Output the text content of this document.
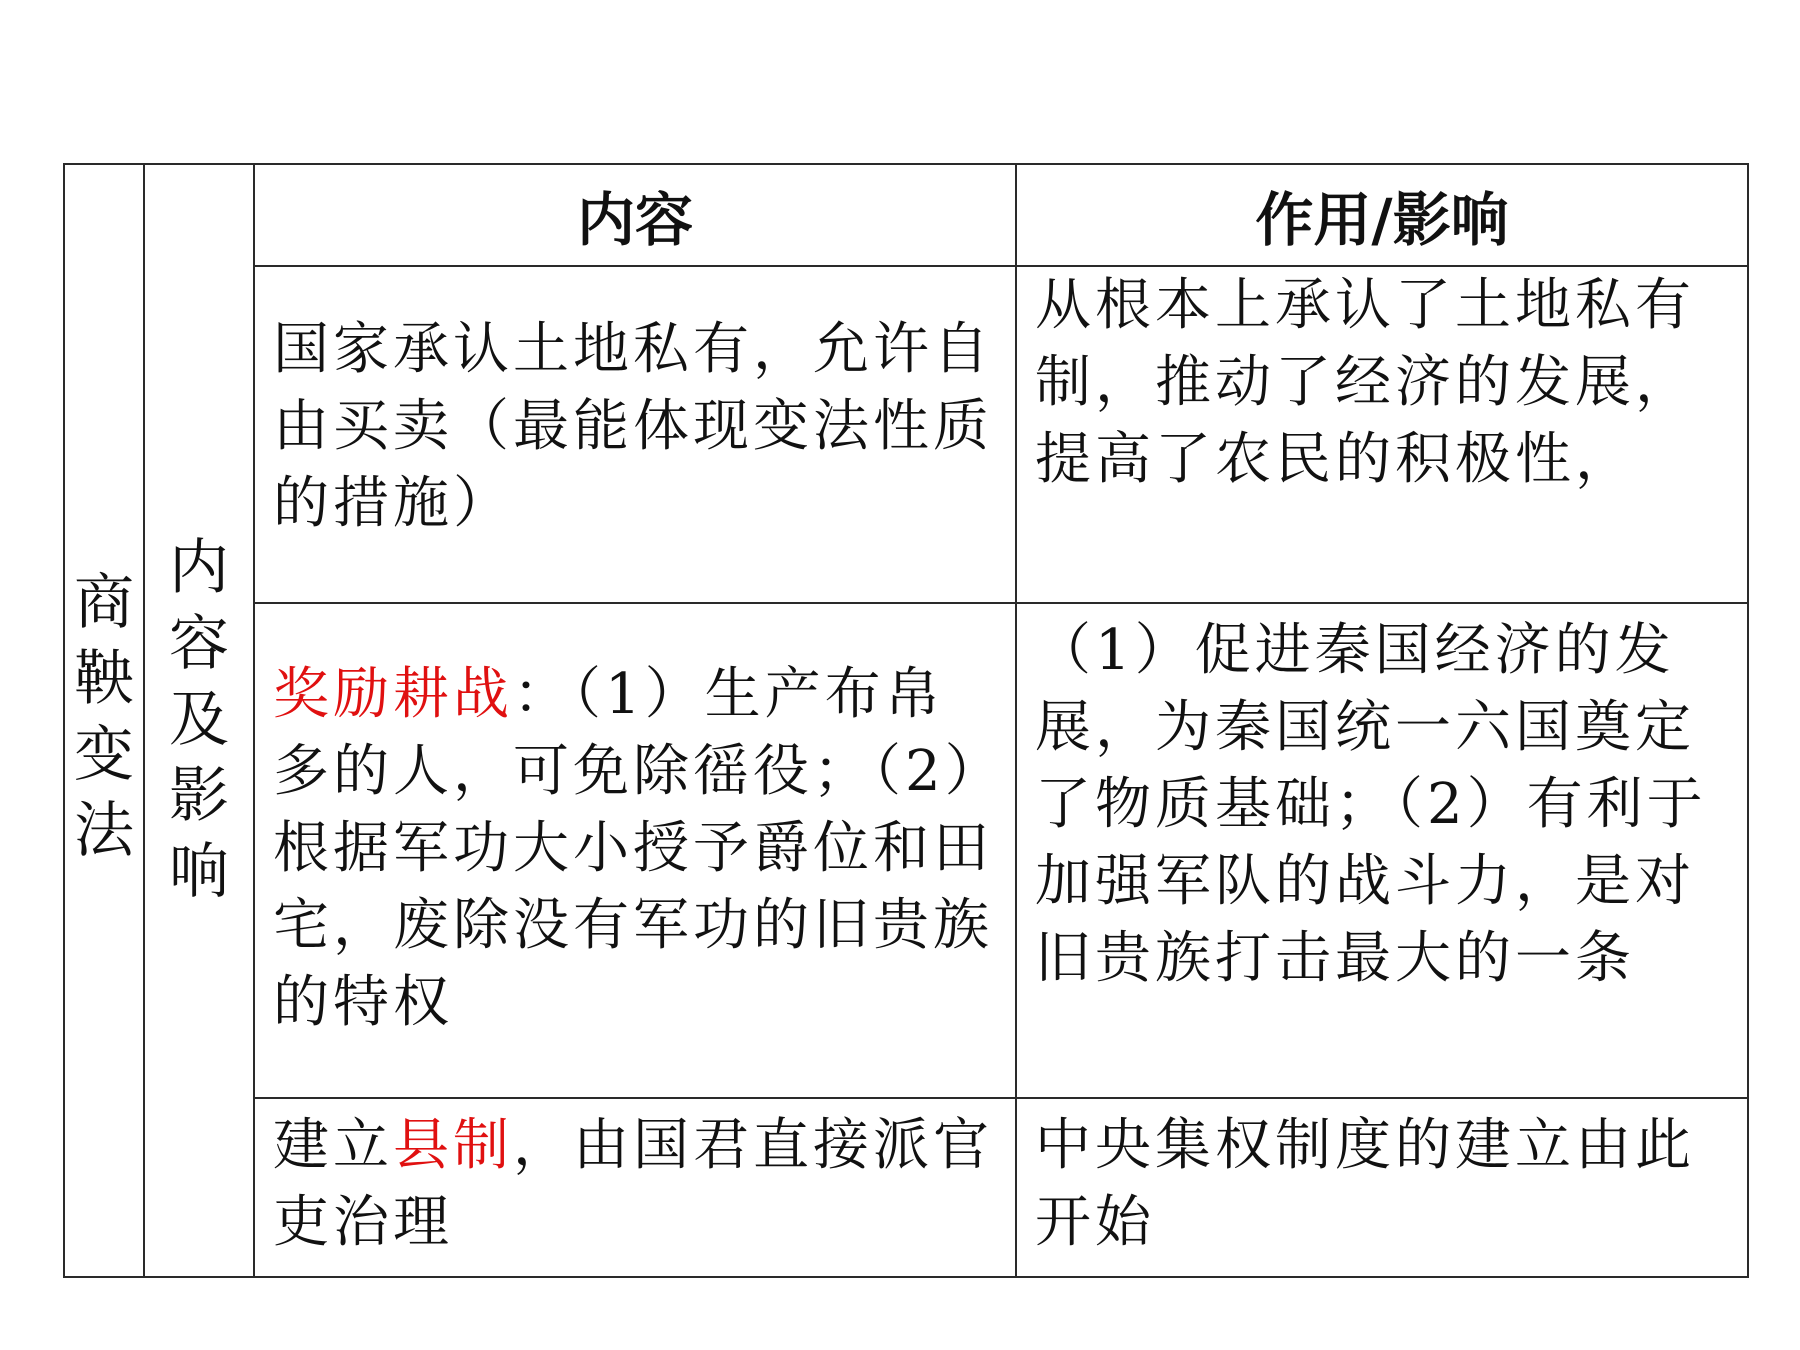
商鞅变法
内容及影响
内容	作用/影响
国家承认土地私有，允许自由买卖（最能体现变法性质的措施）
从根本上承认了土地私有制，推动了经济的发展，提高了农民的积极性，
奖励耕战：（1）生产布帛多的人，可免除徭役；（2）根据军功大小授予爵位和田宅，废除没有军功的旧贵族的特权
（1）促进秦国经济的发展，为秦国统一六国奠定了物质基础；（2）有利于加强军队的战斗力，是对旧贵族打击最大的一条
建立县制，由国君直接派官吏治理
中央集权制度的建立由此开始
